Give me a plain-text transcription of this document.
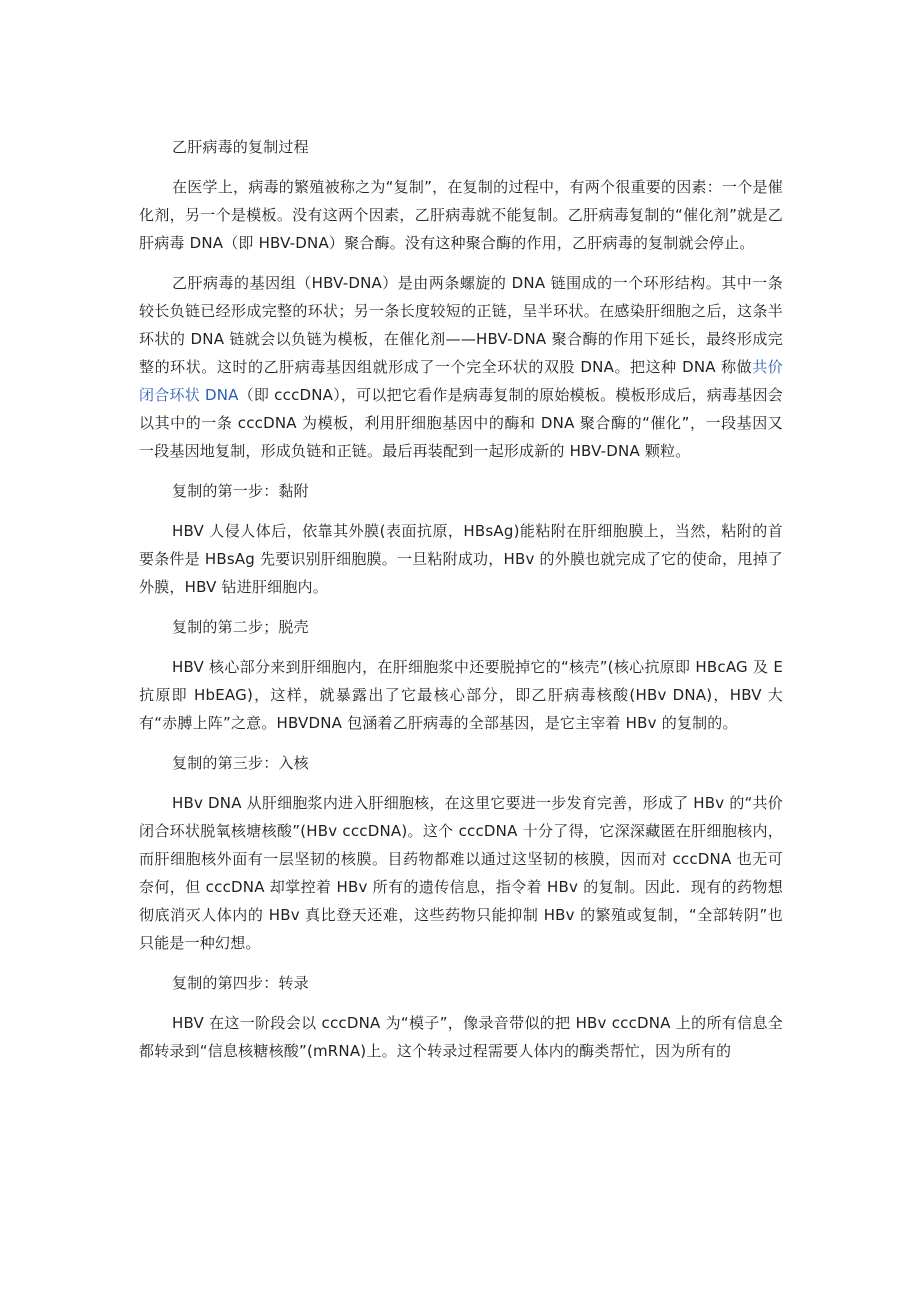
乙肝病毒的复制过程

在医学上，病毒的繁殖被称之为“复制”，在复制的过程中，有两个很重要的因素：一个是催化剂，另一个是模板。没有这两个因素，乙肝病毒就不能复制。乙肝病毒复制的“催化剂”就是乙肝病毒 DNA（即 HBV-DNA）聚合酶。没有这种聚合酶的作用，乙肝病毒的复制就会停止。

乙肝病毒的基因组（HBV-DNA）是由两条螺旋的 DNA 链围成的一个环形结构。其中一条较长负链已经形成完整的环状；另一条长度较短的正链，呈半环状。在感染肝细胞之后，这条半环状的 DNA 链就会以负链为模板，在催化剂——HBV-DNA 聚合酶的作用下延长，最终形成完整的环状。这时的乙肝病毒基因组就形成了一个完全环状的双股 DNA。把这种 DNA 称做共价闭合环状 DNA（即 cccDNA），可以把它看作是病毒复制的原始模板。模板形成后，病毒基因会以其中的一条 cccDNA 为模板，利用肝细胞基因中的酶和 DNA 聚合酶的“催化”，一段基因又一段基因地复制，形成负链和正链。最后再装配到一起形成新的 HBV-DNA 颗粒。

复制的第一步：黏附

HBV 人侵人体后，依靠其外膜(表面抗原，HBsAg)能粘附在肝细胞膜上，当然，粘附的首要条件是 HBsAg 先要识别肝细胞膜。一旦粘附成功，HBv 的外膜也就完成了它的使命，甩掉了外膜，HBV 钻进肝细胞内。

复制的第二步；脱壳

HBV 核心部分来到肝细胞内，在肝细胞浆中还要脱掉它的“核壳”(核心抗原即 HBcAG 及 E 抗原即 HbEAG)，这样，就暴露出了它最核心部分，即乙肝病毒核酸(HBv DNA)，HBV 大有“赤膊上阵”之意。HBVDNA 包涵着乙肝病毒的全部基因，是它主宰着 HBv 的复制的。

复制的第三步：入核

HBv DNA 从肝细胞浆内进入肝细胞核，在这里它要进一步发育完善，形成了 HBv 的“共价闭合环状脱氧核塘核酸”(HBv cccDNA)。这个 cccDNA 十分了得，它深深藏匿在肝细胞核内，而肝细胞核外面有一层坚韧的核膜。目药物都难以通过这坚韧的核膜，因而对 cccDNA 也无可奈何，但 cccDNA 却掌控着 HBv 所有的遗传信息，指令着 HBv 的复制。因此．现有的药物想彻底消灭人体内的 HBv 真比登天还难，这些药物只能抑制 HBv 的繁殖或复制，“全部转阴”也只能是一种幻想。

复制的第四步：转录

HBV 在这一阶段会以 cccDNA 为“模子”，像录音带似的把 HBv cccDNA 上的所有信息全都转录到“信息核糖核酸”(mRNA)上。这个转录过程需要人体内的酶类帮忙，因为所有的
